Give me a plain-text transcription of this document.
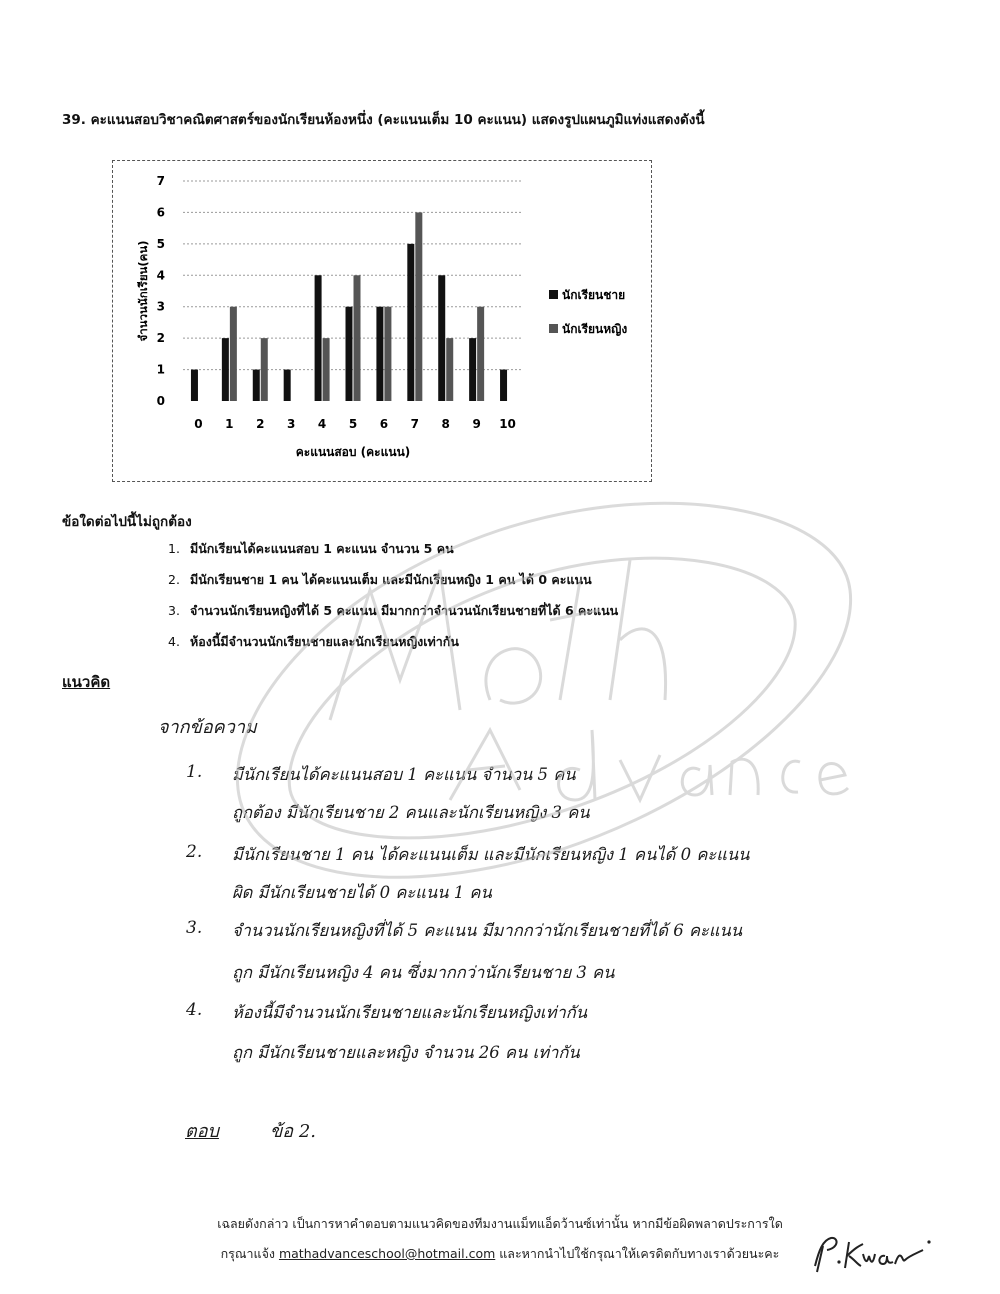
39. คะแนนสอบวิชาคณิตศาสตร์ของนักเรียนห้องหนึ่ง (คะแนนเต็ม 10 คะแนน) แสดงรูปแผนภูมิแท่งแสดงดังนี้
0
1
2
3
4
5
6
7
0 1 2 3 4 5 6 7 8 9 10
คะแนนสอบ (คะแนน)
จำนวนนักเรียน(คน)	นักเรียนชาย
นักเรียนหญิง
ข้อใดต่อไปนี้ไม่ถูกต้อง
1. มีนักเรียนได้คะแนนสอบ 1 คะแนน จำนวน 5 คน
2. มีนักเรียนชาย 1 คน ได้คะแนนเต็ม และมีนักเรียนหญิง 1 คน ได้ 0 คะแนน
3. จำนวนนักเรียนหญิงที่ได้ 5 คะแนน มีมากกว่าจำนวนนักเรียนชายที่ได้ 6 คะแนน
4. ห้องนี้มีจำนวนนักเรียนชายและนักเรียนหญิงเท่ากัน
แนวคิด
จากข้อความ
1. มีนักเรียนได้คะแนนสอบ 1 คะแนน จำนวน 5 คน
ถูกต้อง มีนักเรียนชาย 2 คนและนักเรียนหญิง 3 คน
2. มีนักเรียนชาย 1 คน ได้คะแนนเต็ม และมีนักเรียนหญิง 1 คนได้ 0 คะแนน
ผิด มีนักเรียนชายได้ 0 คะแนน 1 คน
3. จำนวนนักเรียนหญิงที่ได้ 5 คะแนน มีมากกว่านักเรียนชายที่ได้ 6 คะแนน
ถูก มีนักเรียนหญิง 4 คน ซึ่งมากกว่านักเรียนชาย 3 คน
4. ห้องนี้มีจำนวนนักเรียนชายและนักเรียนหญิงเท่ากัน
ถูก มีนักเรียนชายและหญิง จำนวน 26 คน เท่ากัน
ตอบ	ข้อ 2.
เฉลยดังกล่าว เป็นการหาคำตอบตามแนวคิดของทีมงานแม็ทแอ็ดว้านซ์เท่านั้น หากมีข้อผิดพลาดประการใด
กรุณาแจ้ง mathadvanceschool@hotmail.com และหากนำไปใช้กรุณาให้เครดิตกับทางเราด้วยนะคะ
